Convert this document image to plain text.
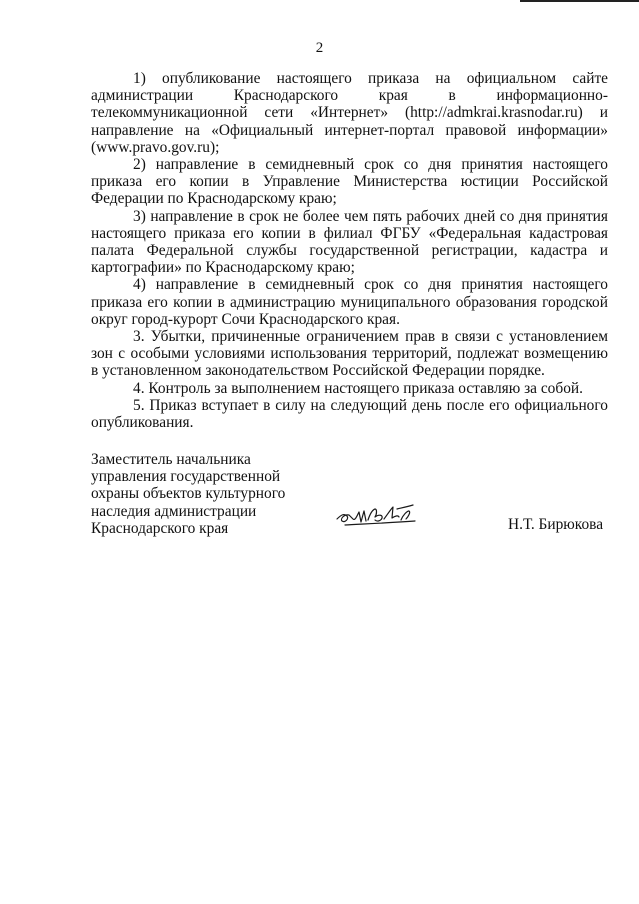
2

1) опубликование настоящего приказа на официальном сайте администрации Краснодарского края в информационно-телекоммуникационной сети «Интернет» (http://admkrai.krasnodar.ru) и направление на «Официальный интернет-портал правовой информации» (www.pravo.gov.ru);

2) направление в семидневный срок со дня принятия настоящего приказа его копии в Управление Министерства юстиции Российской Федерации по Краснодарскому краю;

3) направление в срок не более чем пять рабочих дней со дня принятия настоящего приказа его копии в филиал ФГБУ «Федеральная кадастровая палата Федеральной службы государственной регистрации, кадастра и картографии» по Краснодарскому краю;

4) направление в семидневный срок со дня принятия настоящего приказа его копии в администрацию муниципального образования городской округ город-курорт Сочи Краснодарского края.

3. Убытки, причиненные ограничением прав в связи с установлением зон с особыми условиями использования территорий, подлежат возмещению в установленном законодательством Российской Федерации порядке.

4. Контроль за выполнением настоящего приказа оставляю за собой.

5. Приказ вступает в силу на следующий день после его официального опубликования.

Заместитель начальника
управления государственной
охраны объектов культурного
наследия администрации
Краснодарского края	Н.Т. Бирюкова
